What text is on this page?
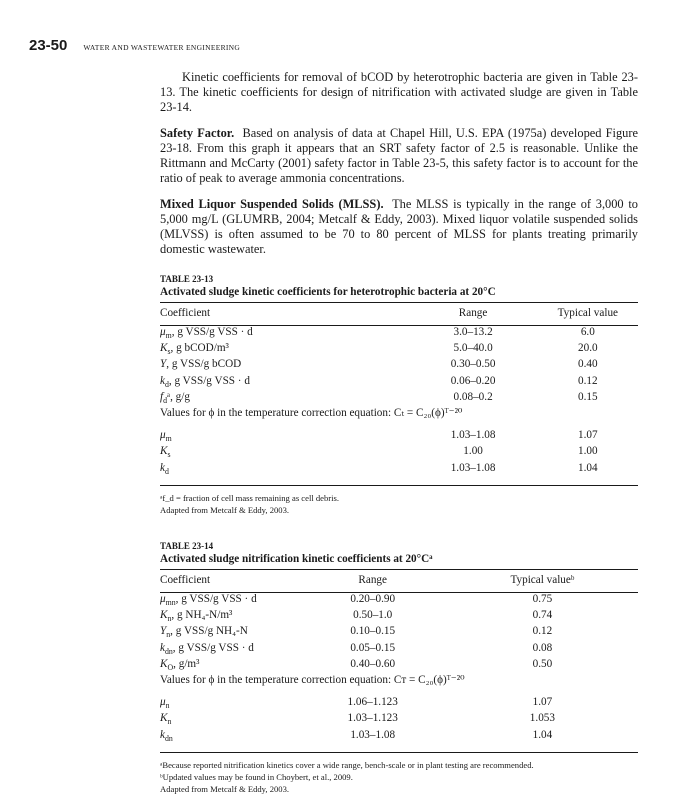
23-50 WATER AND WASTEWATER ENGINEERING

Kinetic coefficients for removal of bCOD by heterotrophic bacteria are given in Table 23-13. The kinetic coefficients for design of nitrification with activated sludge are given in Table 23-14.

Safety Factor. Based on analysis of data at Chapel Hill, U.S. EPA (1975a) developed Figure 23-18. From this graph it appears that an SRT safety factor of 2.5 is reasonable. Unlike the Rittmann and McCarty (2001) safety factor in Table 23-5, this safety factor is to account for the ratio of peak to average ammonia concentrations.

Mixed Liquor Suspended Solids (MLSS). The MLSS is typically in the range of 3,000 to 5,000 mg/L (GLUMRB, 2004; Metcalf & Eddy, 2003). Mixed liquor volatile suspended solids (MLVSS) is often assumed to be 70 to 80 percent of MLSS for plants treating primarily domestic wastewater.

TABLE 23-13

Activated sludge kinetic coefficients for heterotrophic bacteria at 20°C

Coefficient	Range	Typical value
$\mu_m$, g VSS/g VSS · d	3.0–13.2	6.0
$K_s$, g bCOD/m³	5.0–40.0	20.0
Y, g VSS/g bCOD	0.30–0.50	0.40
$k_d$, g VSS/g VSS · d	0.06–0.20	0.12
$f_dᵃ$, g/g	0.08–0.2	0.15
Values for ϕ in the temperature correction equation: Cₜ = C₂₀(ϕ)ᵀ⁻²⁰		

$\mu_m$	1.03–1.08	1.07
$K_s$	1.00	1.00
$k_d$	1.03–1.08	1.04

ᵃf_d = fraction of cell mass remaining as cell debris.

Adapted from Metcalf & Eddy, 2003.

TABLE 23-14

Activated sludge nitrification kinetic coefficients at 20°Cᵃ

Coefficient	Range	Typical valueᵇ
$\mu_{mn}$, g VSS/g VSS · d	0.20–0.90	0.75
$K_n$, g NH₄-N/m³	0.50–1.0	0.74
$Y_n$, g VSS/g NH₄-N	0.10–0.15	0.12
$k_{dn}$, g VSS/g VSS · d	0.05–0.15	0.08
$K_O$, g/m³	0.40–0.60	0.50
Values for ϕ in the temperature correction equation: Cᴛ = C₂₀(ϕ)ᵀ⁻²⁰		

$\mu_n$	1.06–1.123	1.07
$K_n$	1.03–1.123	1.053
$k_{dn}$	1.03–1.08	1.04

ᵃBecause reported nitrification kinetics cover a wide range, bench-scale or in plant testing are recommended.

ᵇUpdated values may be found in Choybert, et al., 2009.

Adapted from Metcalf & Eddy, 2003.
